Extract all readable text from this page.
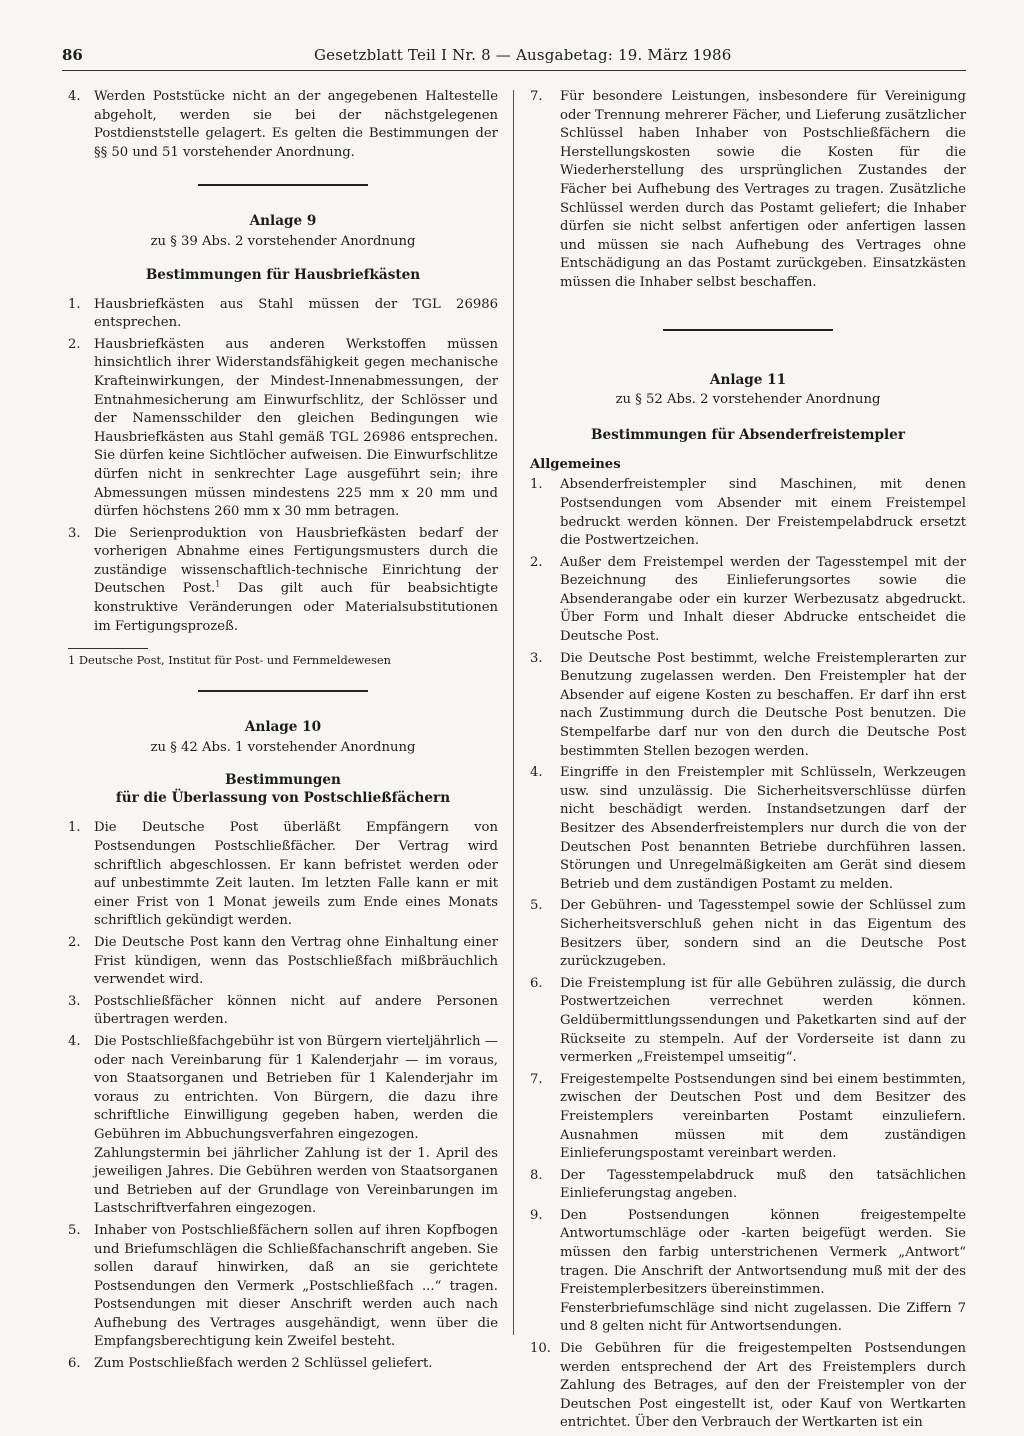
86	Gesetzblatt Teil I Nr. 8 — Ausgabetag: 19. März 1986
4.	Werden Poststücke nicht an der angegebenen Haltestelle abgeholt, werden sie bei der nächstgelegenen Postdienststelle gelagert. Es gelten die Bestimmungen der §§ 50 und 51 vorstehender Anordnung.
Anlage 9
zu § 39 Abs. 2 vorstehender Anordnung
Bestimmungen für Hausbriefkästen
1.	Hausbriefkästen aus Stahl müssen der TGL 26986 entsprechen.
2.	Hausbriefkästen aus anderen Werkstoffen müssen hinsichtlich ihrer Widerstandsfähigkeit gegen mechanische Krafteinwirkungen, der Mindest-Innenabmessungen, der Entnahmesicherung am Einwurfschlitz, der Schlösser und der Namensschilder den gleichen Bedingungen wie Hausbriefkästen aus Stahl gemäß TGL 26986 entsprechen. Sie dürfen keine Sichtlöcher aufweisen. Die Einwurfschlitze dürfen nicht in senkrechter Lage ausgeführt sein; ihre Abmessungen müssen mindestens 225 mm x 20 mm und dürfen höchstens 260 mm x 30 mm betragen.
3.	Die Serienproduktion von Hausbriefkästen bedarf der vorherigen Abnahme eines Fertigungsmusters durch die zuständige wissenschaftlich-technische Einrichtung der Deutschen Post.$^1$ Das gilt auch für beabsichtigte konstruktive Veränderungen oder Materialsubstitutionen im Fertigungsprozeß.
1 Deutsche Post, Institut für Post- und Fernmeldewesen
Anlage 10
zu § 42 Abs. 1 vorstehender Anordnung
Bestimmungen
für die Überlassung von Postschließfächern
1.	Die Deutsche Post überläßt Empfängern von Postsendungen Postschließfächer. Der Vertrag wird schriftlich abgeschlossen. Er kann befristet werden oder auf unbestimmte Zeit lauten. Im letzten Falle kann er mit einer Frist von 1 Monat jeweils zum Ende eines Monats schriftlich gekündigt werden.
2.	Die Deutsche Post kann den Vertrag ohne Einhaltung einer Frist kündigen, wenn das Postschließfach mißbräuchlich verwendet wird.
3.	Postschließfächer können nicht auf andere Personen übertragen werden.
4.	Die Postschließfachgebühr ist von Bürgern vierteljährlich — oder nach Vereinbarung für 1 Kalenderjahr — im voraus, von Staatsorganen und Betrieben für 1 Kalenderjahr im voraus zu entrichten. Von Bürgern, die dazu ihre schriftliche Einwilligung gegeben haben, werden die Gebühren im Abbuchungsverfahren eingezogen.

Zahlungstermin bei jährlicher Zahlung ist der 1. April des jeweiligen Jahres. Die Gebühren werden von Staatsorganen und Betrieben auf der Grundlage von Vereinbarungen im Lastschriftverfahren eingezogen.

5.	Inhaber von Postschließfächern sollen auf ihren Kopfbogen und Briefumschlägen die Schließfachanschrift angeben. Sie sollen darauf hinwirken, daß an sie gerichtete Postsendungen den Vermerk „Postschließfach ...“ tragen. Postsendungen mit dieser Anschrift werden auch nach Aufhebung des Vertrages ausgehändigt, wenn über die Empfangsberechtigung kein Zweifel besteht.
6.	Zum Postschließfach werden 2 Schlüssel geliefert.
7.	Für besondere Leistungen, insbesondere für Vereinigung oder Trennung mehrerer Fächer, und Lieferung zusätzlicher Schlüssel haben Inhaber von Postschließfächern die Herstellungskosten sowie die Kosten für die Wiederherstellung des ursprünglichen Zustandes der Fächer bei Aufhebung des Vertrages zu tragen. Zusätzliche Schlüssel werden durch das Postamt geliefert; die Inhaber dürfen sie nicht selbst anfertigen oder anfertigen lassen und müssen sie nach Aufhebung des Vertrages ohne Entschädigung an das Postamt zurückgeben. Einsatzkästen müssen die Inhaber selbst beschaffen.
Anlage 11
zu § 52 Abs. 2 vorstehender Anordnung
Bestimmungen für Absenderfreistempler
Allgemeines
1.	Absenderfreistempler sind Maschinen, mit denen Postsendungen vom Absender mit einem Freistempel bedruckt werden können. Der Freistempelabdruck ersetzt die Postwertzeichen.
2.	Außer dem Freistempel werden der Tagesstempel mit der Bezeichnung des Einlieferungsortes sowie die Absenderangabe oder ein kurzer Werbezusatz abgedruckt. Über Form und Inhalt dieser Abdrucke entscheidet die Deutsche Post.
3.	Die Deutsche Post bestimmt, welche Freistemplerarten zur Benutzung zugelassen werden. Den Freistempler hat der Absender auf eigene Kosten zu beschaffen. Er darf ihn erst nach Zustimmung durch die Deutsche Post benutzen. Die Stempelfarbe darf nur von den durch die Deutsche Post bestimmten Stellen bezogen werden.
4.	Eingriffe in den Freistempler mit Schlüsseln, Werkzeugen usw. sind unzulässig. Die Sicherheitsverschlüsse dürfen nicht beschädigt werden. Instandsetzungen darf der Besitzer des Absenderfreistemplers nur durch die von der Deutschen Post benannten Betriebe durchführen lassen. Störungen und Unregelmäßigkeiten am Gerät sind diesem Betrieb und dem zuständigen Postamt zu melden.
5.	Der Gebühren- und Tagesstempel sowie der Schlüssel zum Sicherheitsverschluß gehen nicht in das Eigentum des Besitzers über, sondern sind an die Deutsche Post zurückzugeben.
6.	Die Freistemplung ist für alle Gebühren zulässig, die durch Postwertzeichen verrechnet werden können. Geldübermittlungssendungen und Paketkarten sind auf der Rückseite zu stempeln. Auf der Vorderseite ist dann zu vermerken „Freistempel umseitig“.
7.	Freigestempelte Postsendungen sind bei einem bestimmten, zwischen der Deutschen Post und dem Besitzer des Freistemplers vereinbarten Postamt einzuliefern. Ausnahmen müssen mit dem zuständigen Einlieferungspostamt vereinbart werden.
8.	Der Tagesstempelabdruck muß den tatsächlichen Einlieferungstag angeben.
9.	Den Postsendungen können freigestempelte Antwortumschläge oder -karten beigefügt werden. Sie müssen den farbig unterstrichenen Vermerk „Antwort“ tragen. Die Anschrift der Antwortsendung muß mit der des Freistemplerbesitzers übereinstimmen.

Fensterbriefumschläge sind nicht zugelassen. Die Ziffern 7 und 8 gelten nicht für Antwortsendungen.

10. Die Gebühren für die freigestempelten Postsendungen werden entsprechend der Art des Freistemplers durch Zahlung des Betrages, auf den der Freistempler von der Deutschen Post eingestellt ist, oder Kauf von Wertkarten entrichtet. Über den Verbrauch der Wertkarten ist ein
